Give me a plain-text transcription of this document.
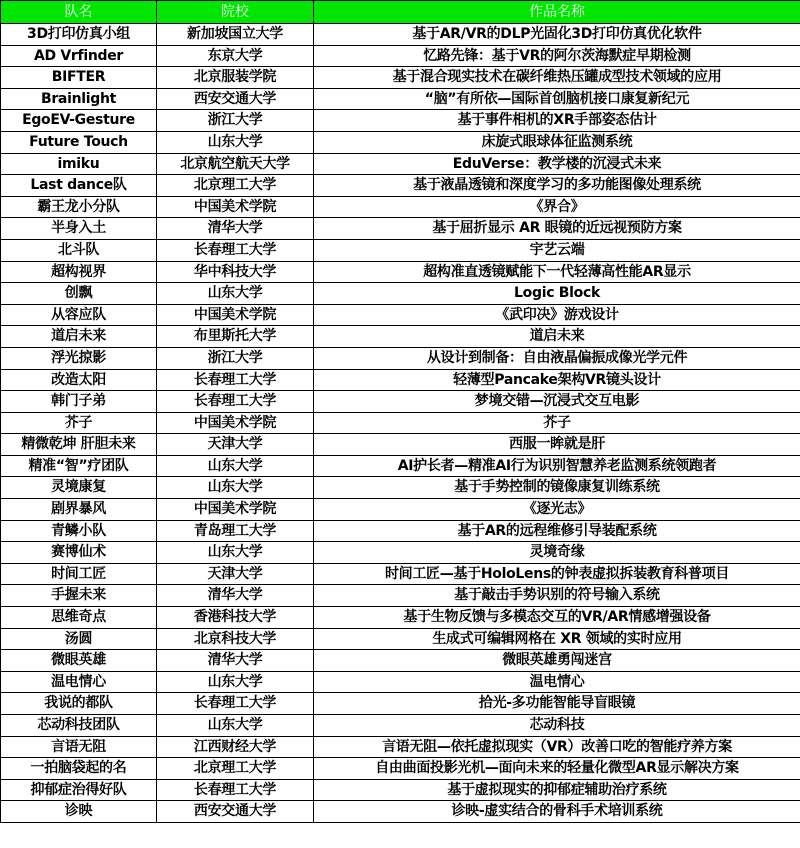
队名	院校	作品名称
3D打印仿真小组	新加坡国立大学	基于AR/VR的DLP光固化3D打印仿真优化软件
AD Vrfinder	东京大学	忆路先锋：基于VR的阿尔茨海默症早期检测
BIFTER	北京服装学院	基于混合现实技术在碳纤维热压罐成型技术领域的应用
Brainlight	西安交通大学	“脑”有所依—国际首创脑机接口康复新纪元
EgoEV-Gesture	浙江大学	基于事件相机的XR手部姿态估计
Future Touch	山东大学	床旋式眼球体征监测系统
imiku	北京航空航天大学	EduVerse：教学楼的沉浸式未来
Last dance队	北京理工大学	基于液晶透镜和深度学习的多功能图像处理系统
霸王龙小分队	中国美术学院	《界合》
半身入土	清华大学	基于屈折显示 AR 眼镜的近远视预防方案
北斗队	长春理工大学	宇艺云端
超构视界	华中科技大学	超构准直透镜赋能下一代轻薄高性能AR显示
创飘	山东大学	Logic Block
从容应队	中国美术学院	《武印决》游戏设计
道启未来	布里斯托大学	道启未来
浮光掠影	浙江大学	从设计到制备：自由液晶偏振成像光学元件
改造太阳	长春理工大学	轻薄型Pancake架构VR镜头设计
韩门子弟	长春理工大学	梦境交错—沉浸式交互电影
芥子	中国美术学院	芥子
精微乾坤 肝胆未来	天津大学	西服一眸就是肝
精准“智”疗团队	山东大学	AI护长者—精准AI行为识别智慧养老监测系统领跑者
灵境康复	山东大学	基于手势控制的镜像康复训练系统
剧界暴风	中国美术学院	《逐光志》
青鳞小队	青岛理工大学	基于AR的远程维修引导装配系统
赛博仙术	山东大学	灵境奇缘
时间工匠	天津大学	时间工匠—基于HoloLens的钟表虚拟拆装教育科普项目
手握未来	清华大学	基于敲击手势识别的符号输入系统
思维奇点	香港科技大学	基于生物反馈与多模态交互的VR/AR情感增强设备
汤圆	北京科技大学	生成式可编辑网格在 XR 领域的实时应用
微眼英雄	清华大学	微眼英雄勇闯迷宫
温电情心	山东大学	温电情心
我说的都队	长春理工大学	拾光-多功能智能导盲眼镜
芯动科技团队	山东大学	芯动科技
言语无阻	江西财经大学	言语无阻—依托虚拟现实（VR）改善口吃的智能疗养方案
一拍脑袋起的名	北京理工大学	自由曲面投影光机—面向未来的轻量化微型AR显示解决方案
抑郁症治得好队	长春理工大学	基于虚拟现实的抑郁症辅助治疗系统
诊映	西安交通大学	诊映-虚实结合的骨科手术培训系统
